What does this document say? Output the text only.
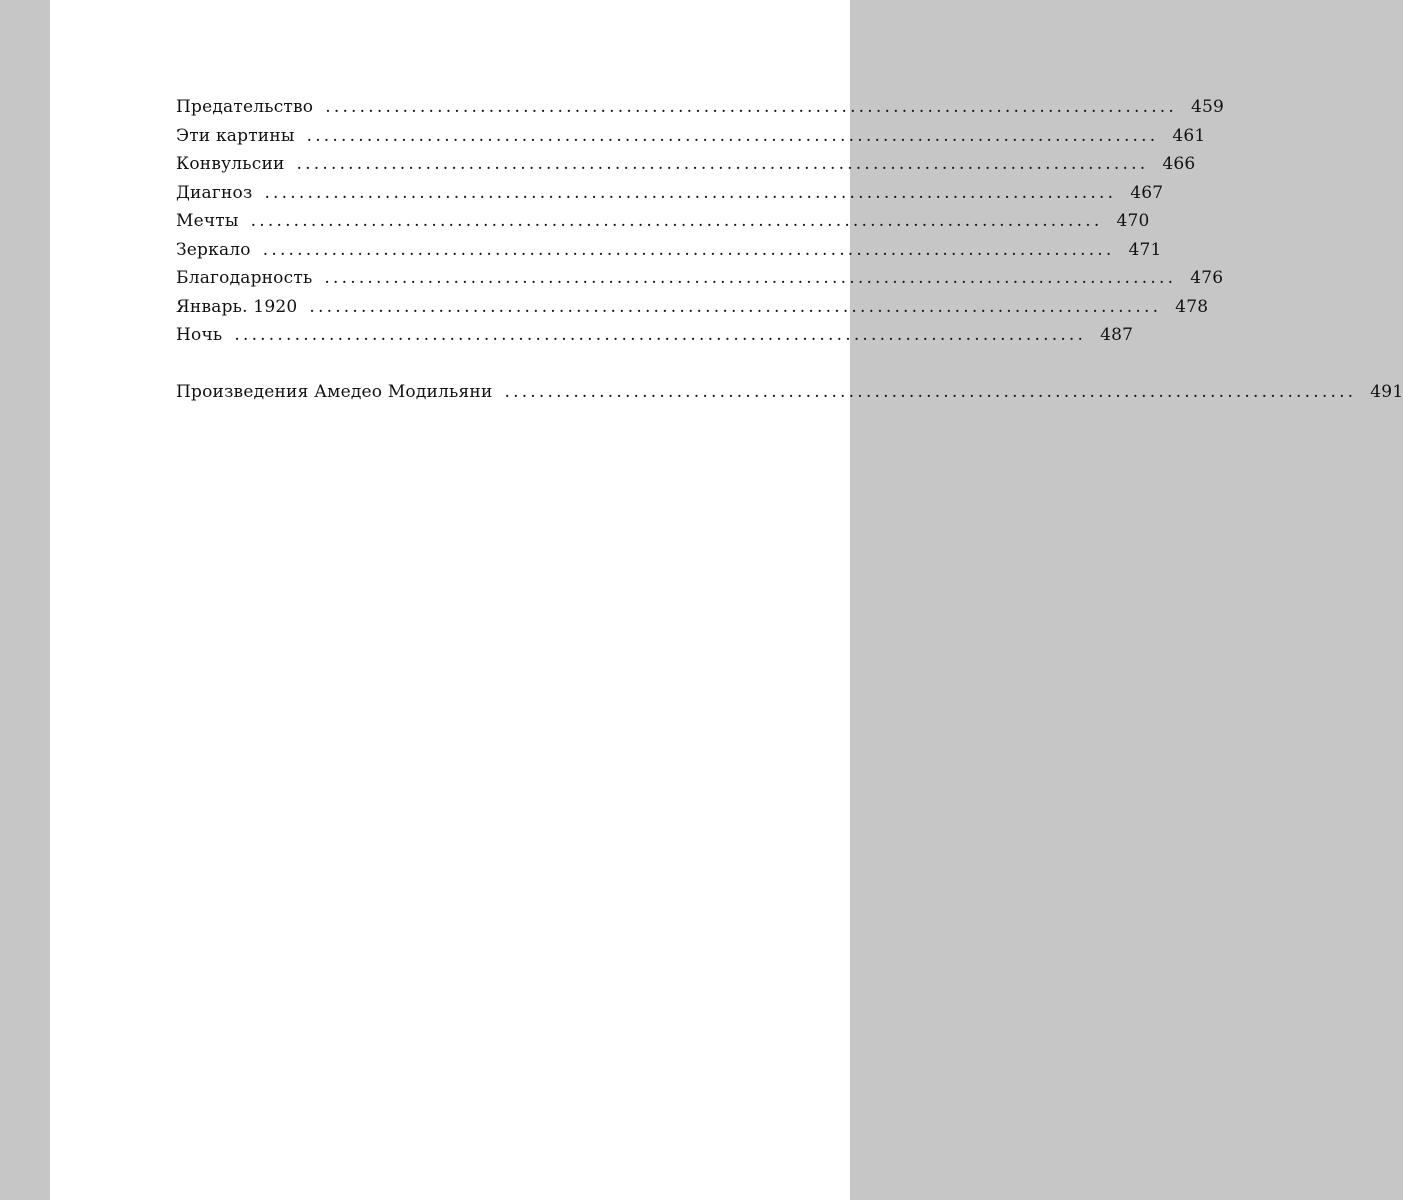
Предательство ................................................................................................... 459
Эти картины ................................................................................................... 461
Конвульсии ................................................................................................... 466
Диагноз ................................................................................................... 467
Мечты ................................................................................................... 470
Зеркало ................................................................................................... 471
Благодарность ................................................................................................... 476
Январь. 1920 ................................................................................................... 478
Ночь ................................................................................................... 487
Произведения Амедео Модильяни ................................................................................................... 491
